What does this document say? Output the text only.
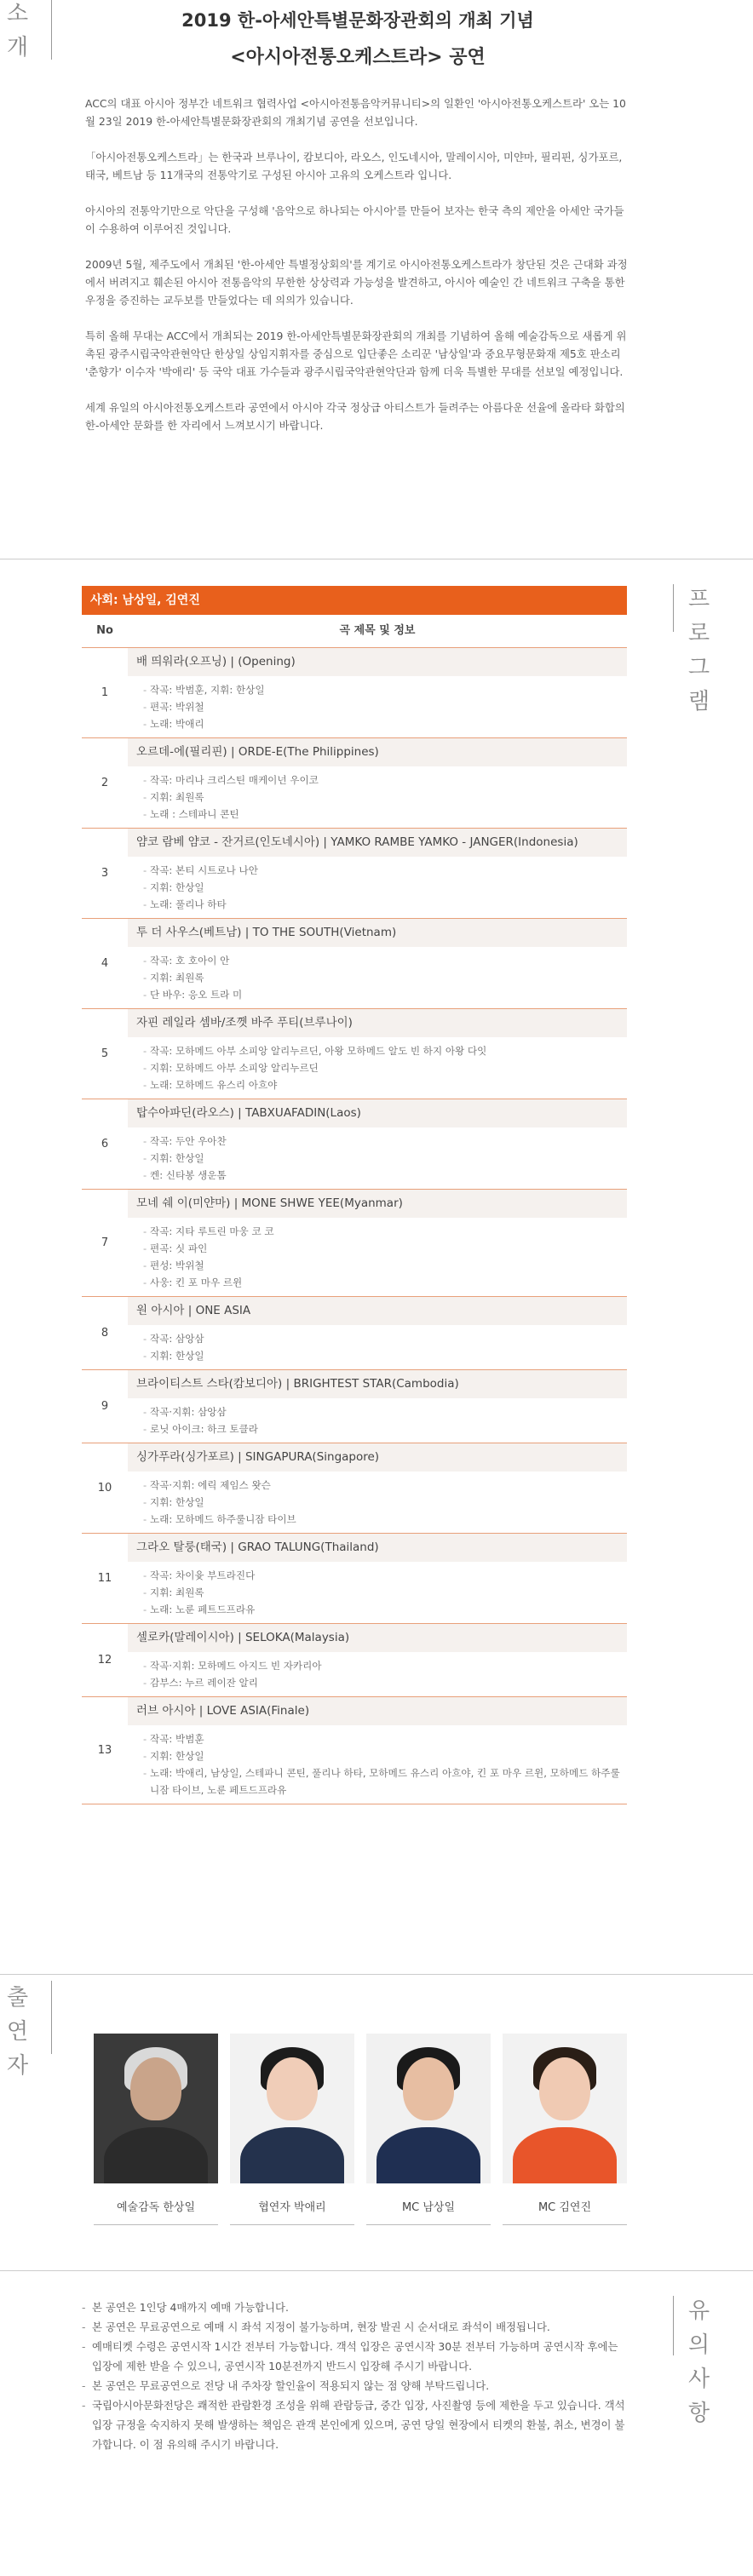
소
개
2019 한-아세안특별문화장관회의 개최 기념
<아시아전통오케스트라> 공연

ACC의 대표 아시아 정부간 네트워크 협력사업 <아시아전통음악커뮤니티>의 일환인 '아시아전통오케스트라' 오는 10월 23일 2019 한-아세안특별문화장관회의 개최기념 공연을 선보입니다.

「아시아전통오케스트라」는 한국과 브루나이, 캄보디아, 라오스, 인도네시아, 말레이시아, 미얀마, 필리핀, 싱가포르, 태국, 베트남 등 11개국의 전통악기로 구성된 아시아 고유의 오케스트라 입니다.

아시아의 전통악기만으로 악단을 구성해 '음악으로 하나되는 아시아'를 만들어 보자는 한국 측의 제안을 아세안 국가들이 수용하여 이루어진 것입니다.

2009년 5월, 제주도에서 개최된 '한-아세안 특별정상회의'를 계기로 아시아전통오케스트라가 창단된 것은 근대화 과정에서 버려지고 훼손된 아시아 전통음악의 무한한 상상력과 가능성을 발견하고, 아시아 예술인 간 네트워크 구축을 통한 우정을 증진하는 교두보를 만들었다는 데 의의가 있습니다.

특히 올해 무대는 ACC에서 개최되는 2019 한-아세안특별문화장관회의 개최를 기념하여 올해 예술감독으로 새롭게 위촉된 광주시립국악관현악단 한상일 상임지휘자를 중심으로 입단좋은 소리꾼 '남상일'과 중요무형문화재 제5호 판소리 '춘향가' 이수자 '박애리' 등 국악 대표 가수들과 광주시립국악관현악단과 함께 더욱 특별한 무대를 선보일 예정입니다.

세계 유일의 아시아전통오케스트라 공연에서 아시아 각국 정상급 아티스트가 들려주는 아름다운 선율에 올라타 화합의 한-아세안 문화를 한 자리에서 느껴보시기 바랍니다.

프
로
그
램
사회: 남상일, 김연진
No	곡 제목 및 정보
1
배 띄워라(오프닝) | (Opening)
- 작곡: 박범훈, 지휘: 한상일
- 편곡: 박위철
- 노래: 박애리
2
오르데-에(필리핀) | ORDE-E(The Philippines)
- 작곡: 마리나 크리스틴 매케이넌 우이코
- 지휘: 최원록
- 노래 : 스테파니 콘틴
3
얌코 람베 얌코 - 잔거르(인도네시아) | YAMKO RAMBE YAMKO - JANGER(Indonesia)
- 작곡: 본티 시트로나 나안
- 지휘: 한상일
- 노래: 풀리나 하타
4
투 더 사우스(베트남) | TO THE SOUTH(Vietnam)
- 작곡: 호 호아이 안
- 지휘: 최원록
- 단 바우: 응오 트라 미
5
자핀 레일라 셈바/조껫 바주 푸티(브루나이)
- 작곡: 모하메드 아부 소피앙 알리누르딘, 아왕 모하메드 알도 빈 하지 아왕 다잇
- 지휘: 모하메드 아부 소피앙 알리누르딘
- 노래: 모하메드 유스리 아흐야
6
탑수아파딘(라오스) | TABXUAFADIN(Laos)
- 작곡: 두안 우아찬
- 지휘: 한상일
- 켄: 신타봉 생운톰
7
모네 쉐 이(미얀마) | MONE SHWE YEE(Myanmar)
- 작곡: 지타 루트린 마웅 코 코
- 편곡: 싯 파인
- 편성: 박위철
- 사웅: 킨 포 마우 르윈
8
원 아시아 | ONE ASIA
- 작곡: 삼앙삼
- 지휘: 한상일
9
브라이티스트 스타(캄보디아) | BRIGHTEST STAR(Cambodia)
- 작곡·지휘: 삼앙삼
- 로닛 아이크: 하크 토클라
10
싱가푸라(싱가포르) | SINGAPURA(Singapore)
- 작곡·지휘: 에릭 제임스 왓슨
- 지휘: 한상일
- 노래: 모하메드 하주룰니잠 타이브
11
그라오 탈룽(태국) | GRAO TALUNG(Thailand)
- 작곡: 차이윳 부트라진다
- 지휘: 최원록
- 노래: 노룬 페트드프라유
12
셀로카(말레이시아) | SELOKA(Malaysia)
- 작곡·지휘: 모하메드 아지드 빈 자카리아
- 감부스: 누르 레이잔 알리
13
러브 아시아 | LOVE ASIA(Finale)
- 작곡: 박범훈
- 지휘: 한상일
- 노래: 박애리, 남상일, 스테파니 콘틴, 풀리나 하타, 모하메드 유스리 아흐야, 킨 포 마우 르윈, 모하메드 하주룰니잠 타이브, 노룬 페트드프라유
출
연
자
예술감독 한상일	협연자 박애리	MC 남상일	MC 김연진
유
의
사
항
- 본 공연은 1인당 4매까지 예매 가능합니다.
- 본 공연은 무료공연으로 예매 시 좌석 지정이 불가능하며, 현장 발권 시 순서대로 좌석이 배정됩니다.
- 예매티켓 수령은 공연시작 1시간 전부터 가능합니다. 객석 입장은 공연시작 30분 전부터 가능하며 공연시작 후에는 입장에 제한 받을 수 있으니, 공연시작 10분전까지 반드시 입장해 주시기 바랍니다.
- 본 공연은 무료공연으로 전당 내 주차장 할인율이 적용되지 않는 점 양해 부탁드립니다.
- 국립아시아문화전당은 쾌적한 관람환경 조성을 위해 관람등급, 중간 입장, 사진촬영 등에 제한을 두고 있습니다. 객석 입장 규정을 숙지하지 못해 발생하는 책임은 관객 본인에게 있으며, 공연 당일 현장에서 티켓의 환불, 취소, 변경이 불가합니다. 이 점 유의해 주시기 바랍니다.
